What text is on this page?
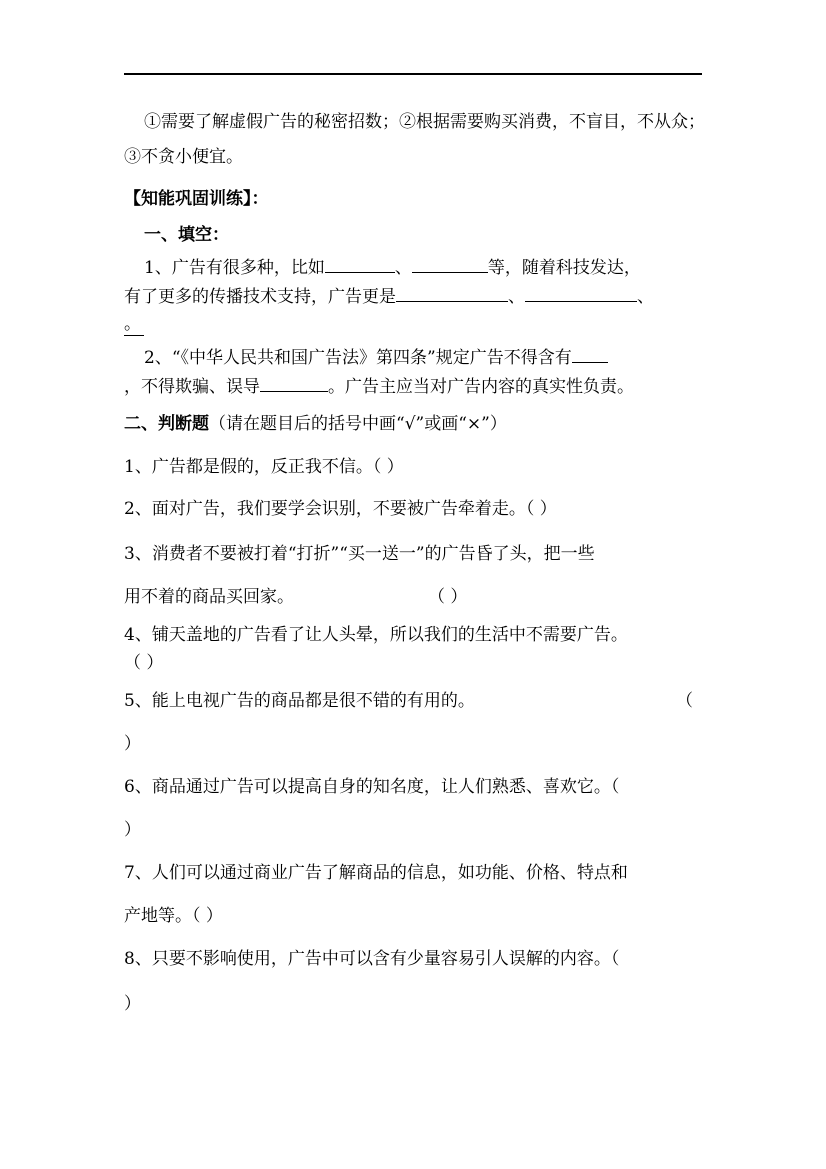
①需要了解虚假广告的秘密招数；②根据需要购买消费，不盲目，不从众；
③不贪小便宜。
【知能巩固训练】：
一、填空：
1、广告有很多种，比如	、	等，随着科技发达，
有了更多的传播技术支持，广告更是	、	、
。
2、“《中华人民共和国广告法》第四条”规定广告不得含有
，不得欺骗、误导	。广告主应当对广告内容的真实性负责。
二、判断题（请在题目后的括号中画“√”或画“×”）
1、广告都是假的，反正我不信。（ ）
2、面对广告，我们要学会识别，不要被广告牵着走。（ ）
3、消费者不要被打着“打折”“买一送一”的广告昏了头，把一些
用不着的商品买回家。	（ ）
4、铺天盖地的广告看了让人头晕，所以我们的生活中不需要广告。
（ ）
5、能上电视广告的商品都是很不错的有用的。	（
）
6、商品通过广告可以提高自身的知名度，让人们熟悉、喜欢它。（
）
7、人们可以通过商业广告了解商品的信息，如功能、价格、特点和
产地等。（ ）
8、只要不影响使用，广告中可以含有少量容易引人误解的内容。（
）
